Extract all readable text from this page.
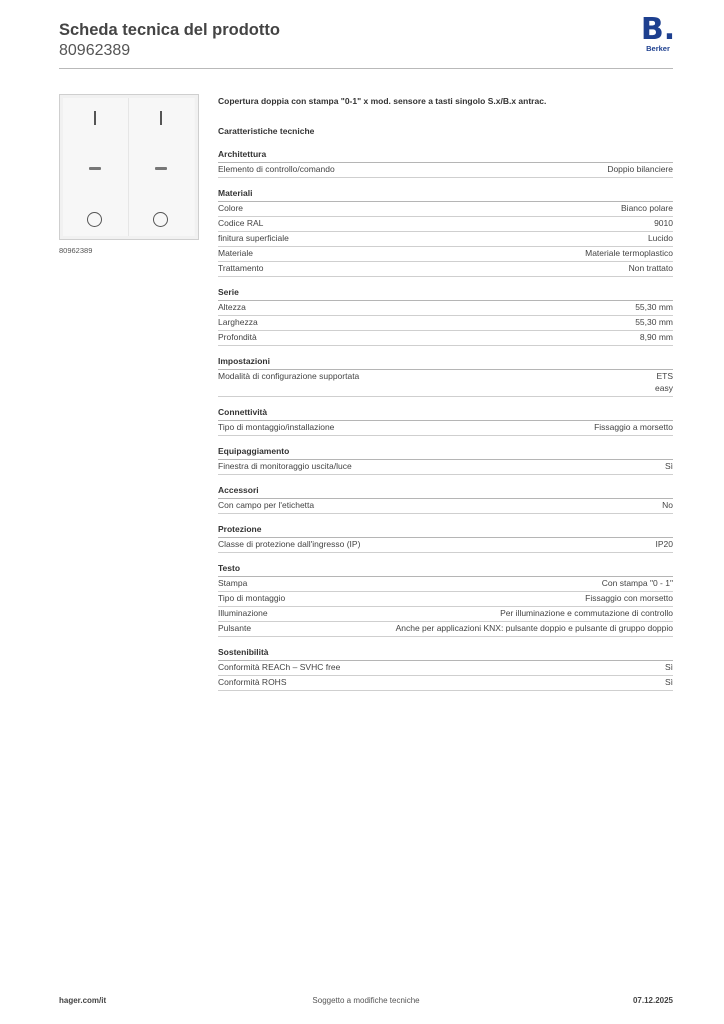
Scheda tecnica del prodotto
80962389
B.
Berker
80962389
Copertura doppia con stampa "0-1" x mod. sensore a tasti singolo S.x/B.x antrac.
Caratteristiche tecniche
Architettura
Elemento di controllo/comando	Doppio bilanciere
Materiali
Colore	Bianco polare
Codice RAL	9010
finitura superficiale	Lucido
Materiale	Materiale termoplastico
Trattamento	Non trattato
Serie
Altezza	55,30 mm
Larghezza	55,30 mm
Profondità	8,90 mm
Impostazioni
Modalità di configurazione supportata	ETS
easy
Connettività
Tipo di montaggio/installazione	Fissaggio a morsetto
Equipaggiamento
Finestra di monitoraggio uscita/luce	Sì
Accessori
Con campo per l'etichetta	No
Protezione
Classe di protezione dall'ingresso (IP)	IP20
Testo
Stampa	Con stampa "0 - 1"
Tipo di montaggio	Fissaggio con morsetto
Illuminazione	Per illuminazione e commutazione di controllo
Pulsante	Anche per applicazioni KNX: pulsante doppio e pulsante di gruppo doppio
Sostenibilità
Conformità REACh – SVHC free	Sì
Conformità ROHS	Sì
hager.com/it	Soggetto a modifiche tecniche	07.12.2025
